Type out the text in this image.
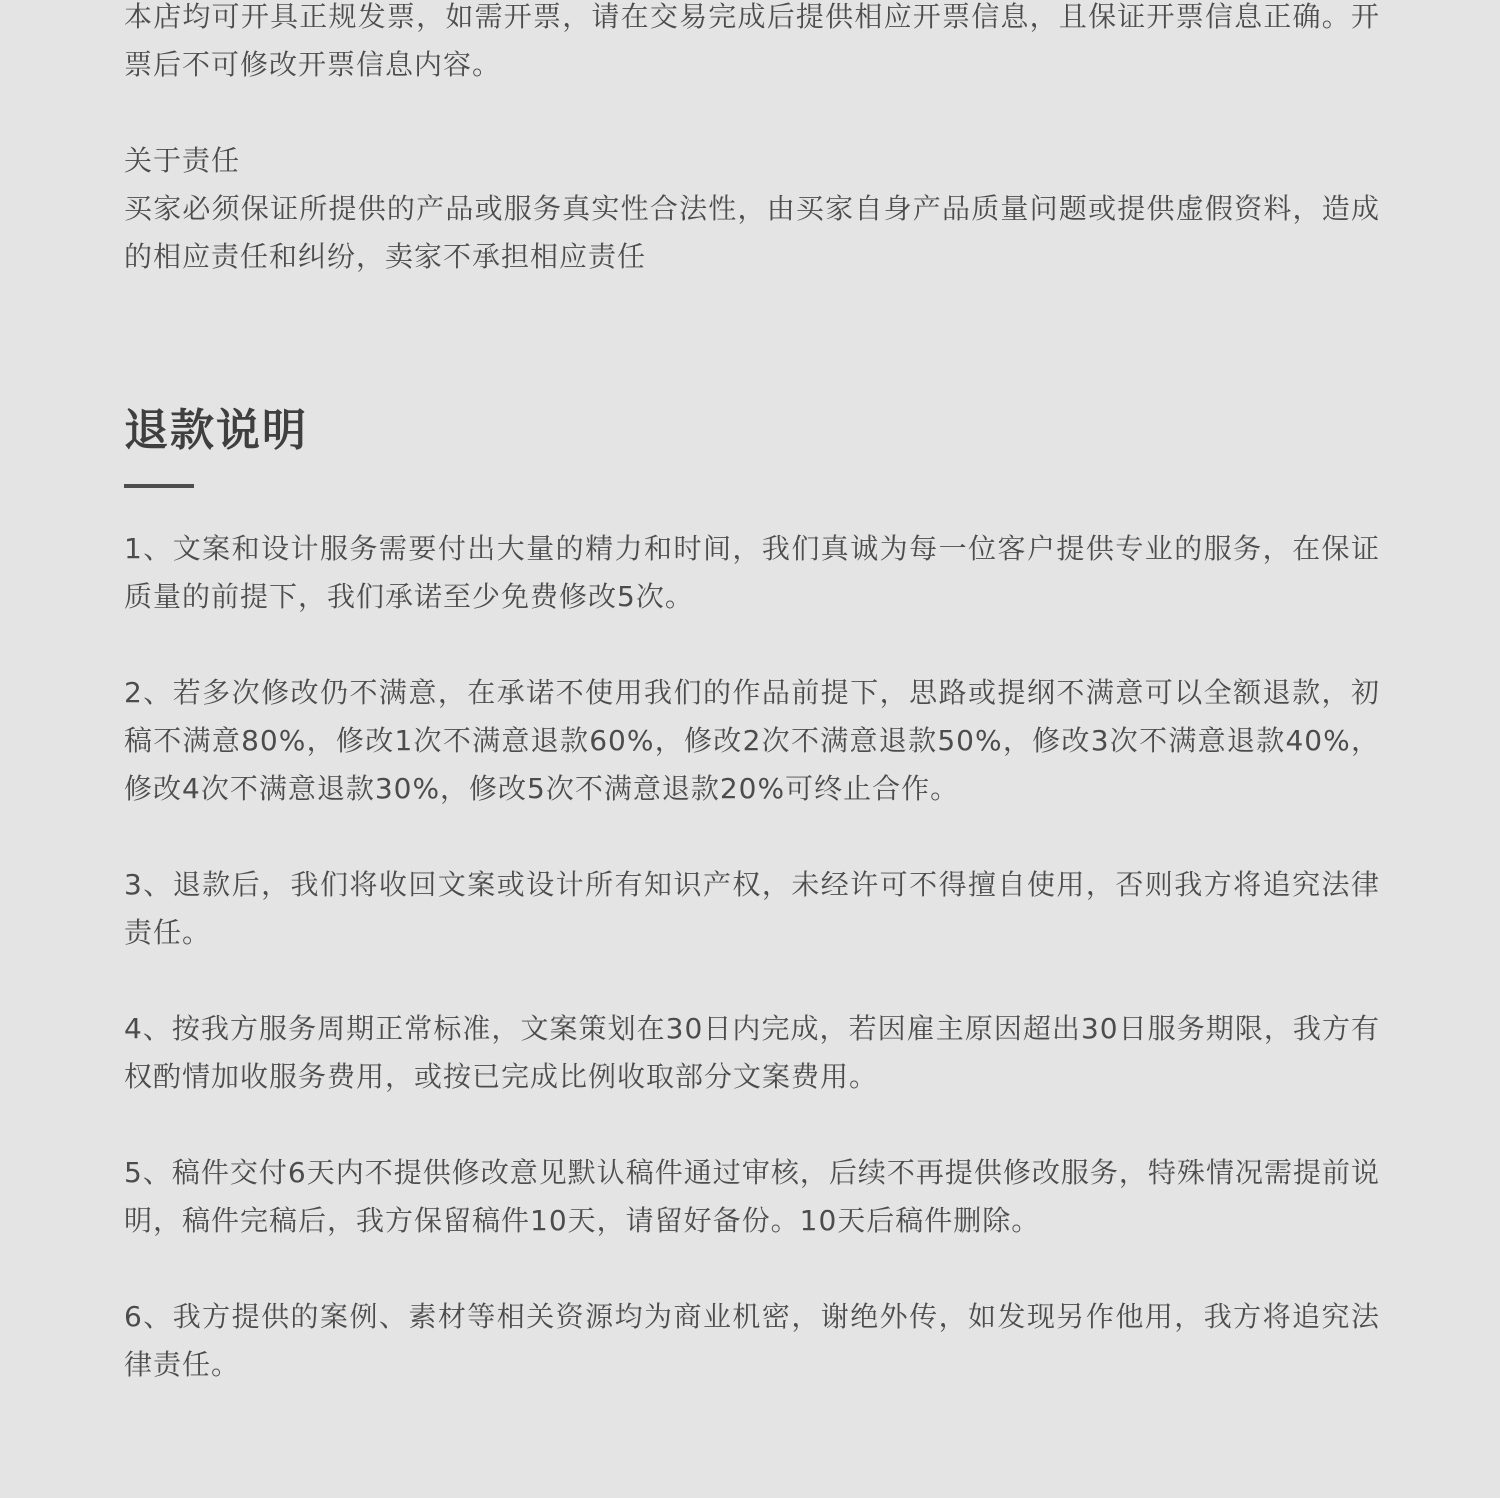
本店均可开具正规发票，如需开票，请在交易完成后提供相应开票信息，且保证开票信息正确。开票后不可修改开票信息内容。

关于责任

买家必须保证所提供的产品或服务真实性合法性，由买家自身产品质量问题或提供虚假资料，造成的相应责任和纠纷，卖家不承担相应责任

退款说明

1、文案和设计服务需要付出大量的精力和时间，我们真诚为每一位客户提供专业的服务，在保证质量的前提下，我们承诺至少免费修改5次。

2、若多次修改仍不满意，在承诺不使用我们的作品前提下，思路或提纲不满意可以全额退款，初稿不满意80%，修改1次不满意退款60%，修改2次不满意退款50%，修改3次不满意退款40%，修改4次不满意退款30%，修改5次不满意退款20%可终止合作。

3、退款后，我们将收回文案或设计所有知识产权，未经许可不得擅自使用，否则我方将追究法律责任。

4、按我方服务周期正常标准，文案策划在30日内完成，若因雇主原因超出30日服务期限，我方有权酌情加收服务费用，或按已完成比例收取部分文案费用。

5、稿件交付6天内不提供修改意见默认稿件通过审核，后续不再提供修改服务，特殊情况需提前说明，稿件完稿后，我方保留稿件10天，请留好备份。10天后稿件删除。

6、我方提供的案例、素材等相关资源均为商业机密，谢绝外传，如发现另作他用，我方将追究法律责任。
